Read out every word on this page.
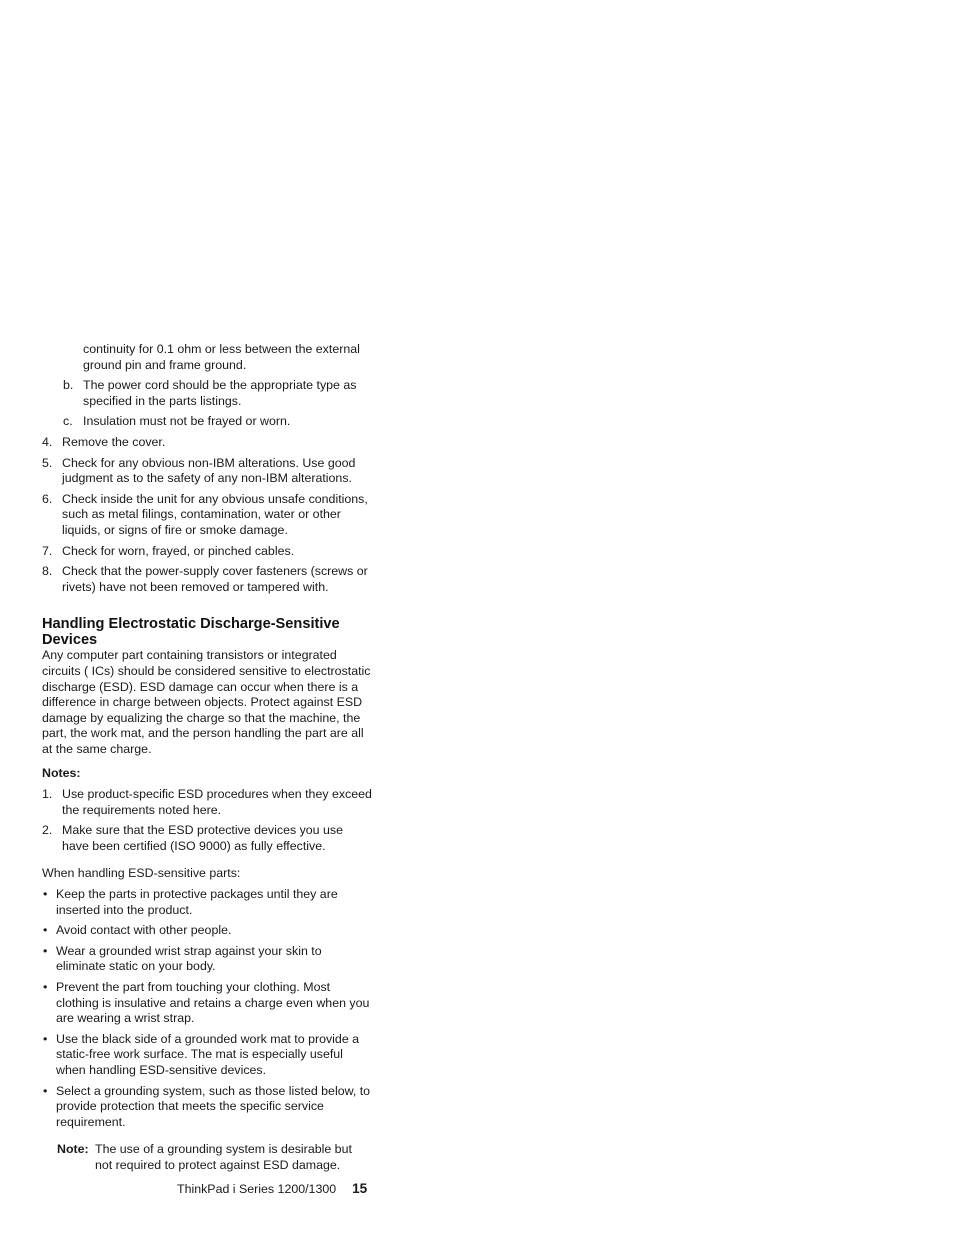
continuity for 0.1 ohm or less between the external ground pin and frame ground.
b. The power cord should be the appropriate type as specified in the parts listings.
c. Insulation must not be frayed or worn.
4. Remove the cover.
5. Check for any obvious non-IBM alterations. Use good judgment as to the safety of any non-IBM alterations.
6. Check inside the unit for any obvious unsafe conditions, such as metal filings, contamination, water or other liquids, or signs of fire or smoke damage.
7. Check for worn, frayed, or pinched cables.
8. Check that the power-supply cover fasteners (screws or rivets) have not been removed or tampered with.
Handling Electrostatic Discharge-Sensitive Devices
Any computer part containing transistors or integrated circuits ( ICs) should be considered sensitive to electrostatic discharge (ESD). ESD damage can occur when there is a difference in charge between objects. Protect against ESD damage by equalizing the charge so that the machine, the part, the work mat, and the person handling the part are all at the same charge.
Notes:
1. Use product-specific ESD procedures when they exceed the requirements noted here.
2. Make sure that the ESD protective devices you use have been certified (ISO 9000) as fully effective.
When handling ESD-sensitive parts:
• Keep the parts in protective packages until they are inserted into the product.
• Avoid contact with other people.
• Wear a grounded wrist strap against your skin to eliminate static on your body.
• Prevent the part from touching your clothing. Most clothing is insulative and retains a charge even when you are wearing a wrist strap.
• Use the black side of a grounded work mat to provide a static-free work surface. The mat is especially useful when handling ESD-sensitive devices.
• Select a grounding system, such as those listed below, to provide protection that meets the specific service requirement.
Note: The use of a grounding system is desirable but not required to protect against ESD damage.
ThinkPad i Series 1200/1300 15
